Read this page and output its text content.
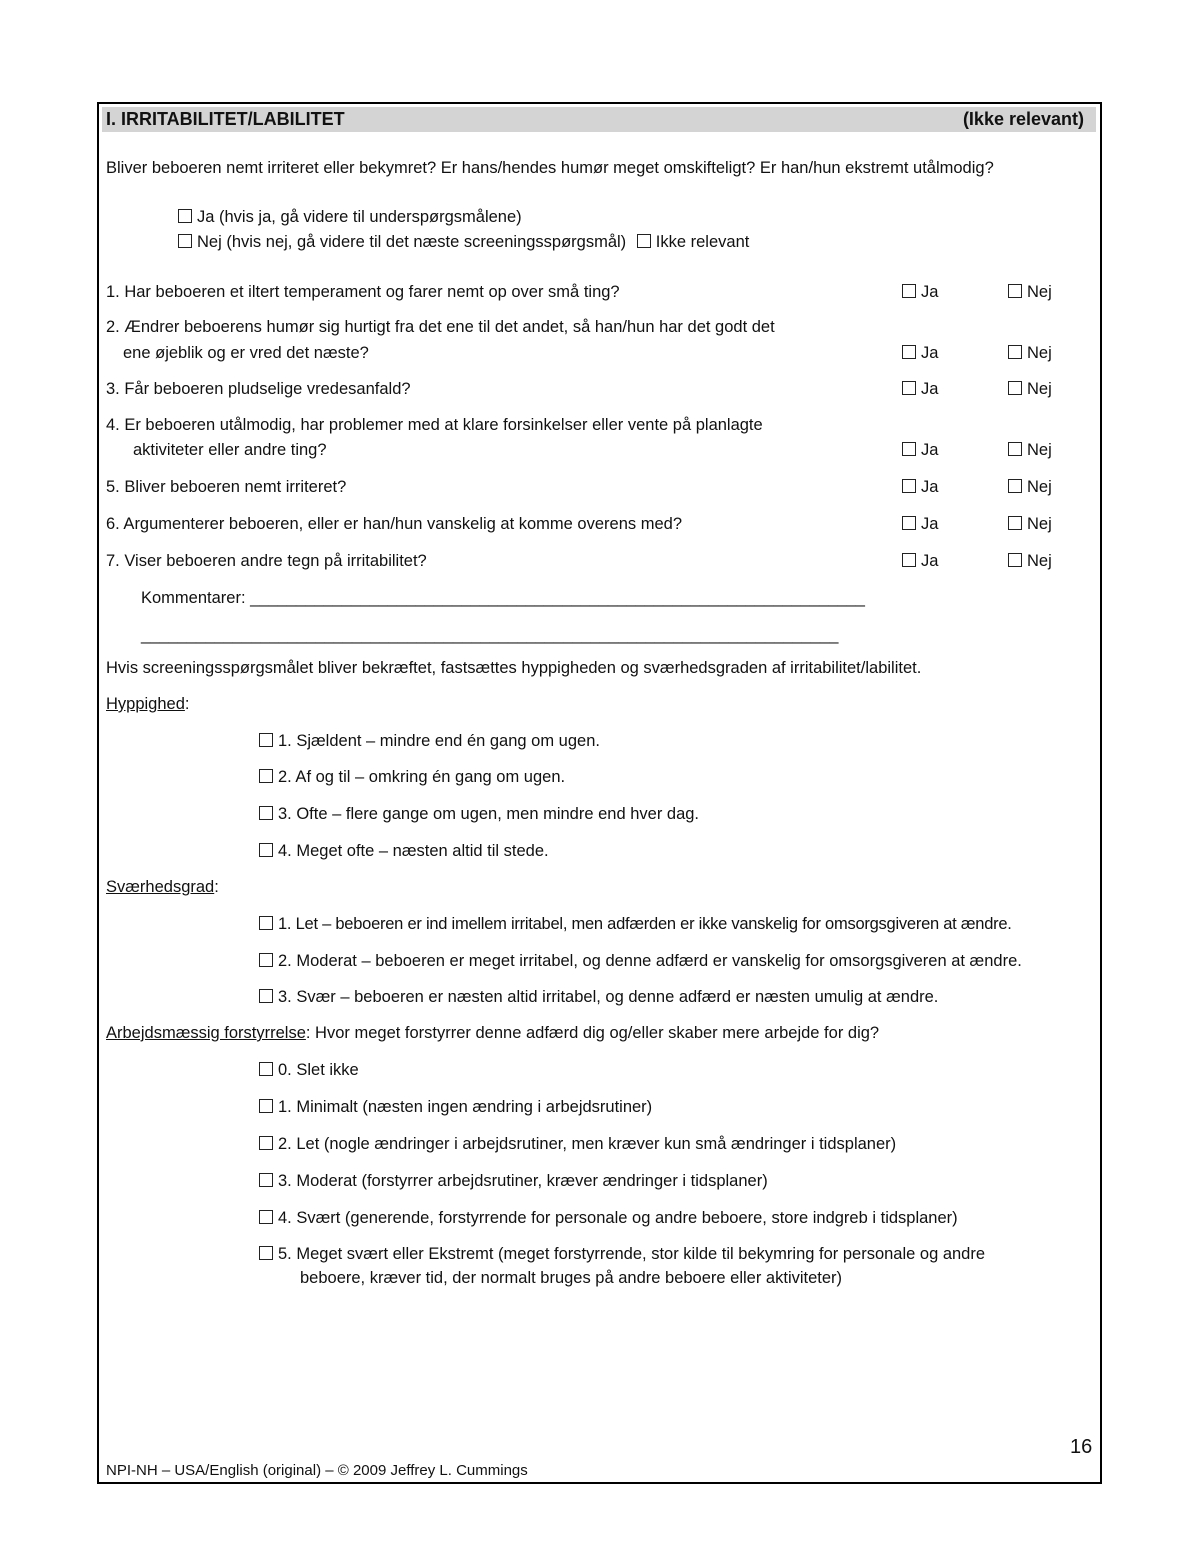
I. IRRITABILITET/LABILITET	(Ikke relevant)
Bliver beboeren nemt irriteret eller bekymret? Er hans/hendes humør meget omskifteligt? Er han/hun ekstremt utålmodig?
Ja (hvis ja, gå videre til underspørgsmålene)
Nej (hvis nej, gå videre til det næste screeningsspørgsmål) Ikke relevant
1. Har beboeren et iltert temperament og farer nemt op over små ting?	Ja	Nej
2. Ændrer beboerens humør sig hurtigt fra det ene til det andet, så han/hun har det godt det
ene øjeblik og er vred det næste?	Ja	Nej
3. Får beboeren pludselige vredesanfald?	Ja	Nej
4. Er beboeren utålmodig, har problemer med at klare forsinkelser eller vente på planlagte
aktiviteter eller andre ting?	Ja	Nej
5. Bliver beboeren nemt irriteret?	Ja	Nej
6. Argumenterer beboeren, eller er han/hun vanskelig at komme overens med?	Ja	Nej
7. Viser beboeren andre tegn på irritabilitet?	Ja	Nej
Kommentarer: ___________________________________________________________________
____________________________________________________________________________
Hvis screeningsspørgsmålet bliver bekræftet, fastsættes hyppigheden og sværhedsgraden af irritabilitet/labilitet.
Hyppighed:
1. Sjældent – mindre end én gang om ugen.
2. Af og til – omkring én gang om ugen.
3. Ofte – flere gange om ugen, men mindre end hver dag.
4. Meget ofte – næsten altid til stede.
Sværhedsgrad:
1. Let – beboeren er ind imellem irritabel, men adfærden er ikke vanskelig for omsorgsgiveren at ændre.
2. Moderat – beboeren er meget irritabel, og denne adfærd er vanskelig for omsorgsgiveren at ændre.
3. Svær – beboeren er næsten altid irritabel, og denne adfærd er næsten umulig at ændre.
Arbejdsmæssig forstyrrelse: Hvor meget forstyrrer denne adfærd dig og/eller skaber mere arbejde for dig?
0. Slet ikke
1. Minimalt (næsten ingen ændring i arbejdsrutiner)
2. Let (nogle ændringer i arbejdsrutiner, men kræver kun små ændringer i tidsplaner)
3. Moderat (forstyrrer arbejdsrutiner, kræver ændringer i tidsplaner)
4. Svært (generende, forstyrrende for personale og andre beboere, store indgreb i tidsplaner)
5. Meget svært eller Ekstremt (meget forstyrrende, stor kilde til bekymring for personale og andre
beboere, kræver tid, der normalt bruges på andre beboere eller aktiviteter)
16
NPI-NH – USA/English (original) – © 2009 Jeffrey L. Cummings
